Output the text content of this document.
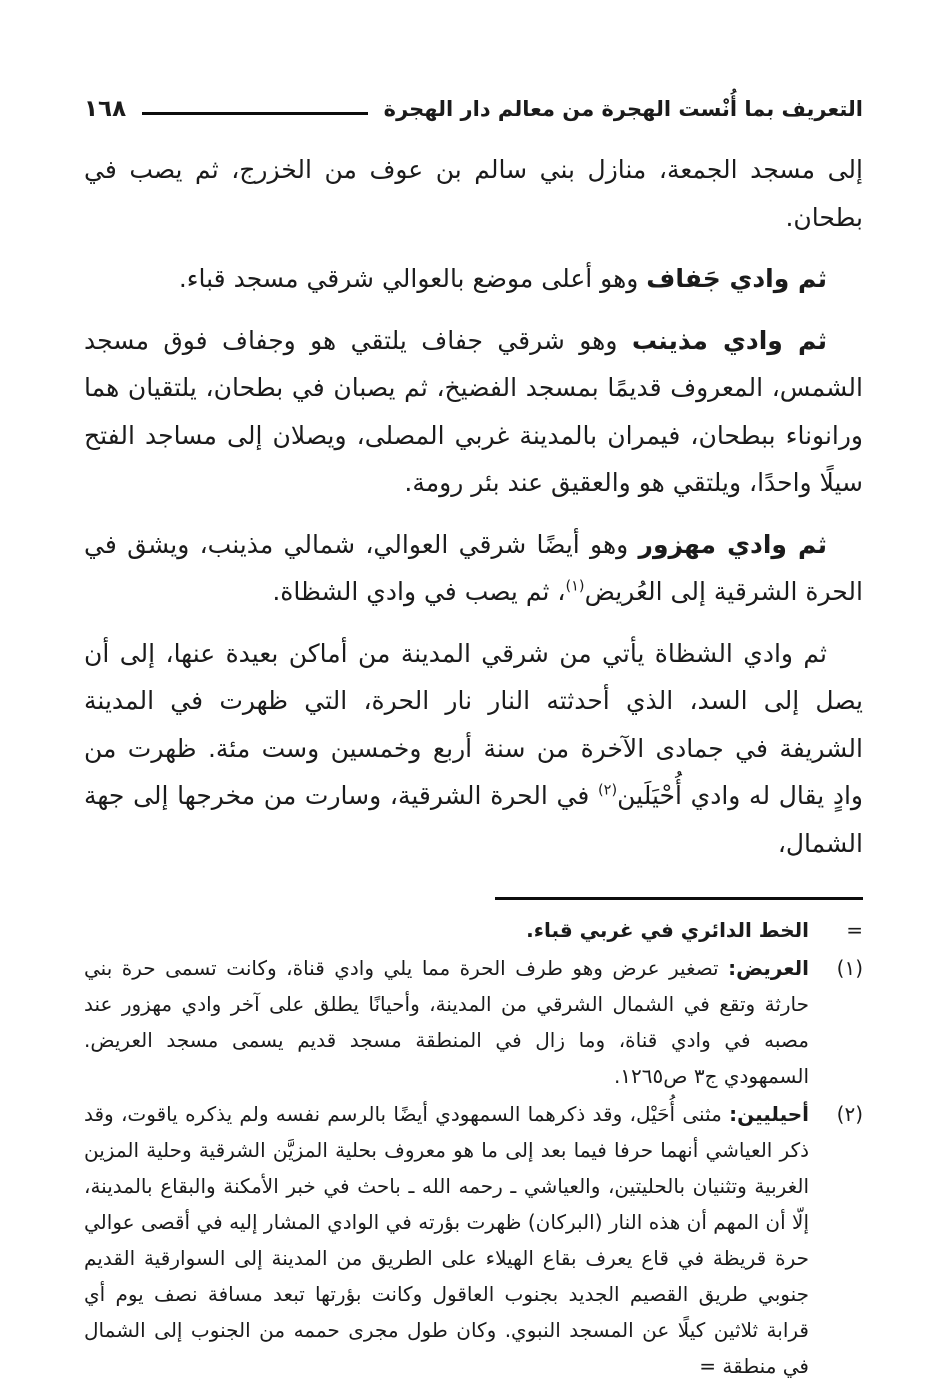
التعريف بما أُنْست الهجرة من معالم دار الهجرة
١٦٨

إلى مسجد الجمعة، منازل بني سالم بن عوف من الخزرج، ثم يصب في بطحان.

ثم وادي جَفاف وهو أعلى موضع بالعوالي شرقي مسجد قباء.

ثم وادي مذينب وهو شرقي جفاف يلتقي هو وجفاف فوق مسجد الشمس، المعروف قديمًا بمسجد الفضيخ، ثم يصبان في بطحان، يلتقيان هما ورانوناء ببطحان، فيمران بالمدينة غربي المصلى، ويصلان إلى مساجد الفتح سيلًا واحدًا، ويلتقي هو والعقيق عند بئر رومة.

ثم وادي مهزور وهو أيضًا شرقي العوالي، شمالي مذينب، ويشق في الحرة الشرقية إلى العُريض$^{(١)}$، ثم يصب في وادي الشظاة.

ثم وادي الشظاة يأتي من شرقي المدينة من أماكن بعيدة عنها، إلى أن يصل إلى السد، الذي أحدثته النار نار الحرة، التي ظهرت في المدينة الشريفة في جمادى الآخرة من سنة أربع وخمسين وست مئة. ظهرت من وادٍ يقال له وادي أُحْيَلَين$^{(٢)}$ في الحرة الشرقية، وسارت من مخرجها إلى جهة الشمال،

=
الخط الدائري في غربي قباء.
(١)
العريض: تصغير عرض وهو طرف الحرة مما يلي وادي قناة، وكانت تسمى حرة بني حارثة وتقع في الشمال الشرقي من المدينة، وأحيانًا يطلق على آخر وادي مهزور عند مصبه في وادي قناة، وما زال في المنطقة مسجد قديم يسمى مسجد العريض. السمهودي ج٣ ص١٢٦٥.
(٢)
أحيليين: مثنى أُحَيْل، وقد ذكرهما السمهودي أيضًا بالرسم نفسه ولم يذكره ياقوت، وقد ذكر العياشي أنهما حرفا فيما بعد إلى ما هو معروف بحلية المزيَّن الشرقية وحلية المزين الغربية وتثنيان بالحليتين، والعياشي ـ رحمه الله ـ باحث في خبر الأمكنة والبقاع بالمدينة، إلّا أن المهم أن هذه النار (البركان) ظهرت بؤرته في الوادي المشار إليه في أقصى عوالي حرة قريظة في قاع يعرف بقاع الهيلاء على الطريق من المدينة إلى السوارقية القديم جنوبي طريق القصيم الجديد بجنوب العاقول وكانت بؤرتها تبعد مسافة نصف يوم أي قرابة ثلاثين كيلًا عن المسجد النبوي. وكان طول مجرى حممه من الجنوب إلى الشمال في منطقة =
